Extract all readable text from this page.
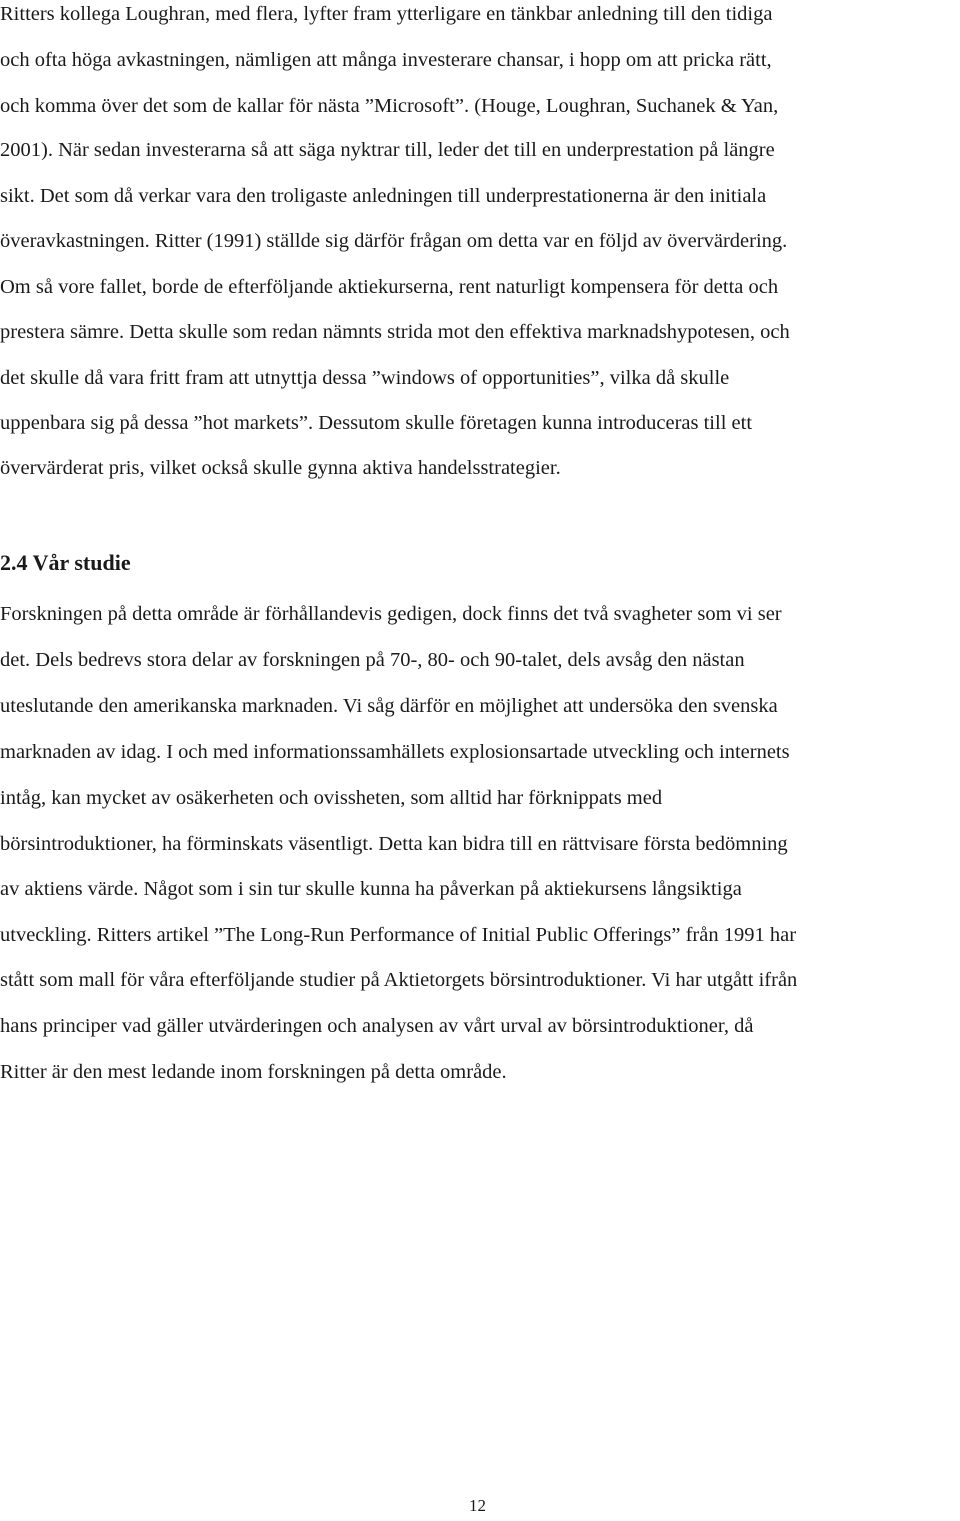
Ritters kollega Loughran, med flera, lyfter fram ytterligare en tänkbar anledning till den tidiga
och ofta höga avkastningen, nämligen att många investerare chansar, i hopp om att pricka rätt,
och komma över det som de kallar för nästa ”Microsoft”. (Houge, Loughran, Suchanek & Yan,
2001). När sedan investerarna så att säga nyktrar till, leder det till en underprestation på längre
sikt. Det som då verkar vara den troligaste anledningen till underprestationerna är den initiala
överavkastningen. Ritter (1991) ställde sig därför frågan om detta var en följd av övervärdering.
Om så vore fallet, borde de efterföljande aktiekurserna, rent naturligt kompensera för detta och
prestera sämre. Detta skulle som redan nämnts strida mot den effektiva marknadshypotesen, och
det skulle då vara fritt fram att utnyttja dessa ”windows of opportunities”, vilka då skulle
uppenbara sig på dessa ”hot markets”. Dessutom skulle företagen kunna introduceras till ett
övervärderat pris, vilket också skulle gynna aktiva handelsstrategier.
2.4 Vår studie
Forskningen på detta område är förhållandevis gedigen, dock finns det två svagheter som vi ser
det. Dels bedrevs stora delar av forskningen på 70-, 80- och 90-talet, dels avsåg den nästan
uteslutande den amerikanska marknaden. Vi såg därför en möjlighet att undersöka den svenska
marknaden av idag. I och med informationssamhällets explosionsartade utveckling och internets
intåg, kan mycket av osäkerheten och ovissheten, som alltid har förknippats med
börsintroduktioner, ha förminskats väsentligt. Detta kan bidra till en rättvisare första bedömning
av aktiens värde. Något som i sin tur skulle kunna ha påverkan på aktiekursens långsiktiga
utveckling. Ritters artikel ”The Long-Run Performance of Initial Public Offerings” från 1991 har
stått som mall för våra efterföljande studier på Aktietorgets börsintroduktioner. Vi har utgått ifrån
hans principer vad gäller utvärderingen och analysen av vårt urval av börsintroduktioner, då
Ritter är den mest ledande inom forskningen på detta område.
12
